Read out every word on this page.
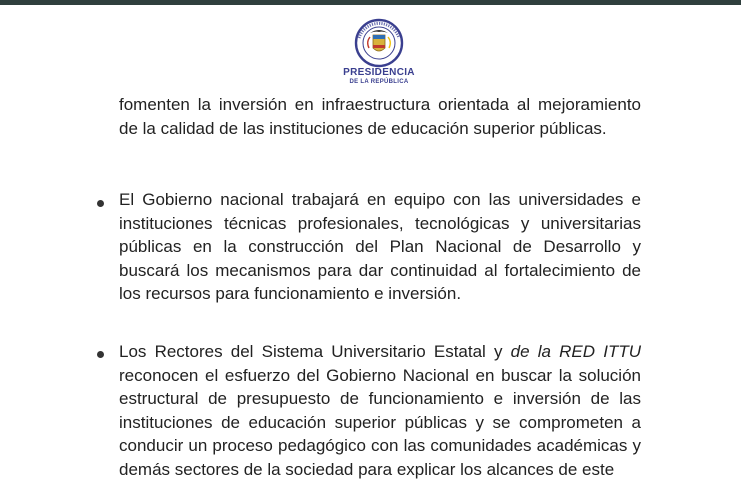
PRESIDENCIA
DE LA REPÚBLICA
fomenten la inversión en infraestructura orientada al mejoramiento de la calidad de las instituciones de educación superior públicas.
El Gobierno nacional trabajará en equipo con las universidades e instituciones técnicas profesionales, tecnológicas y universitarias públicas en la construcción del Plan Nacional de Desarrollo y buscará los mecanismos para dar continuidad al fortalecimiento de los recursos para funcionamiento e inversión.
Los Rectores del Sistema Universitario Estatal y de la RED ITTU reconocen el esfuerzo del Gobierno Nacional en buscar la solución estructural de presupuesto de funcionamiento e inversión de las instituciones de educación superior públicas y se comprometen a conducir un proceso pedagógico con las comunidades académicas y demás sectores de la sociedad para explicar los alcances de este
